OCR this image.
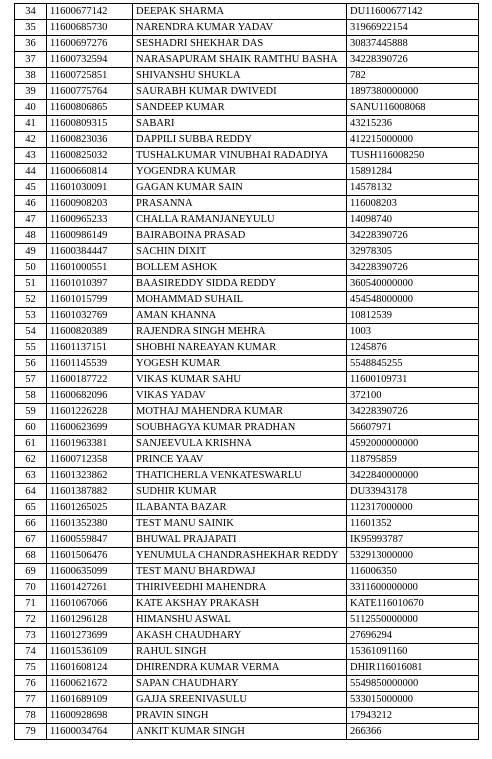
34	11600677142	DEEPAK SHARMA	DU11600677142
35	11600685730	NARENDRA KUMAR YADAV	31966922154
36	11600697276	SESHADRI SHEKHAR DAS	30837445888
37	11600732594	NARASAPURAM SHAIK RAMTHU BASHA	34228390726
38	11600725851	SHIVANSHU SHUKLA	782
39	11600775764	SAURABH KUMAR DWIVEDI	1897380000000
40	11600806865	SANDEEP KUMAR	SANU116008068
41	11600809315	SABARI	43215236
42	11600823036	DAPPILI SUBBA REDDY	412215000000
43	11600825032	TUSHALKUMAR VINUBHAI RADADIYA	TUSH116008250
44	11600660814	YOGENDRA KUMAR	15891284
45	11601030091	GAGAN KUMAR SAIN	14578132
46	11600908203	PRASANNA	116008203
47	11600965233	CHALLA RAMANJANEYULU	14098740
48	11600986149	BAIRABOINA PRASAD	34228390726
49	11600384447	SACHIN DIXIT	32978305
50	11601000551	BOLLEM ASHOK	34228390726
51	11601010397	BAASIREDDY SIDDA REDDY	360540000000
52	11601015799	MOHAMMAD SUHAIL	454548000000
53	11601032769	AMAN KHANNA	10812539
54	11600820389	RAJENDRA SINGH MEHRA	1003
55	11601137151	SHOBHI NAREAYAN KUMAR	1245876
56	11601145539	YOGESH KUMAR	5548845255
57	11600187722	VIKAS KUMAR SAHU	11600109731
58	11600682096	VIKAS YADAV	372100
59	11601226228	MOTHAJ MAHENDRA KUMAR	34228390726
60	11600623699	SOUBHAGYA KUMAR PRADHAN	56607971
61	11601963381	SANJEEVULA KRISHNA	4592000000000
62	11600712358	PRINCE YAAV	118795859
63	11601323862	THATICHERLA VENKATESWARLU	3422840000000
64	11601387882	SUDHIR KUMAR	DU33943178
65	11601265025	ILABANTA BAZAR	112317000000
66	11601352380	TEST MANU SAINIK	11601352
67	11600559847	BHUWAL PRAJAPATI	IK95993787
68	11601506476	YENUMULA CHANDRASHEKHAR REDDY	532913000000
69	11600635099	TEST MANU BHARDWAJ	116006350
70	11601427261	THIRIVEEDHI MAHENDRA	3311600000000
71	11601067066	KATE AKSHAY PRAKASH	KATE116010670
72	11601296128	HIMANSHU ASWAL	5112550000000
73	11601273699	AKASH CHAUDHARY	27696294
74	11601536109	RAHUL SINGH	15361091160
75	11601608124	DHIRENDRA KUMAR VERMA	DHIR116016081
76	11600621672	SAPAN CHAUDHARY	5549850000000
77	11601689109	GAJJA SREENIVASULU	533015000000
78	11600928698	PRAVIN SINGH	17943212
79	11600034764	ANKIT KUMAR SINGH	266366
